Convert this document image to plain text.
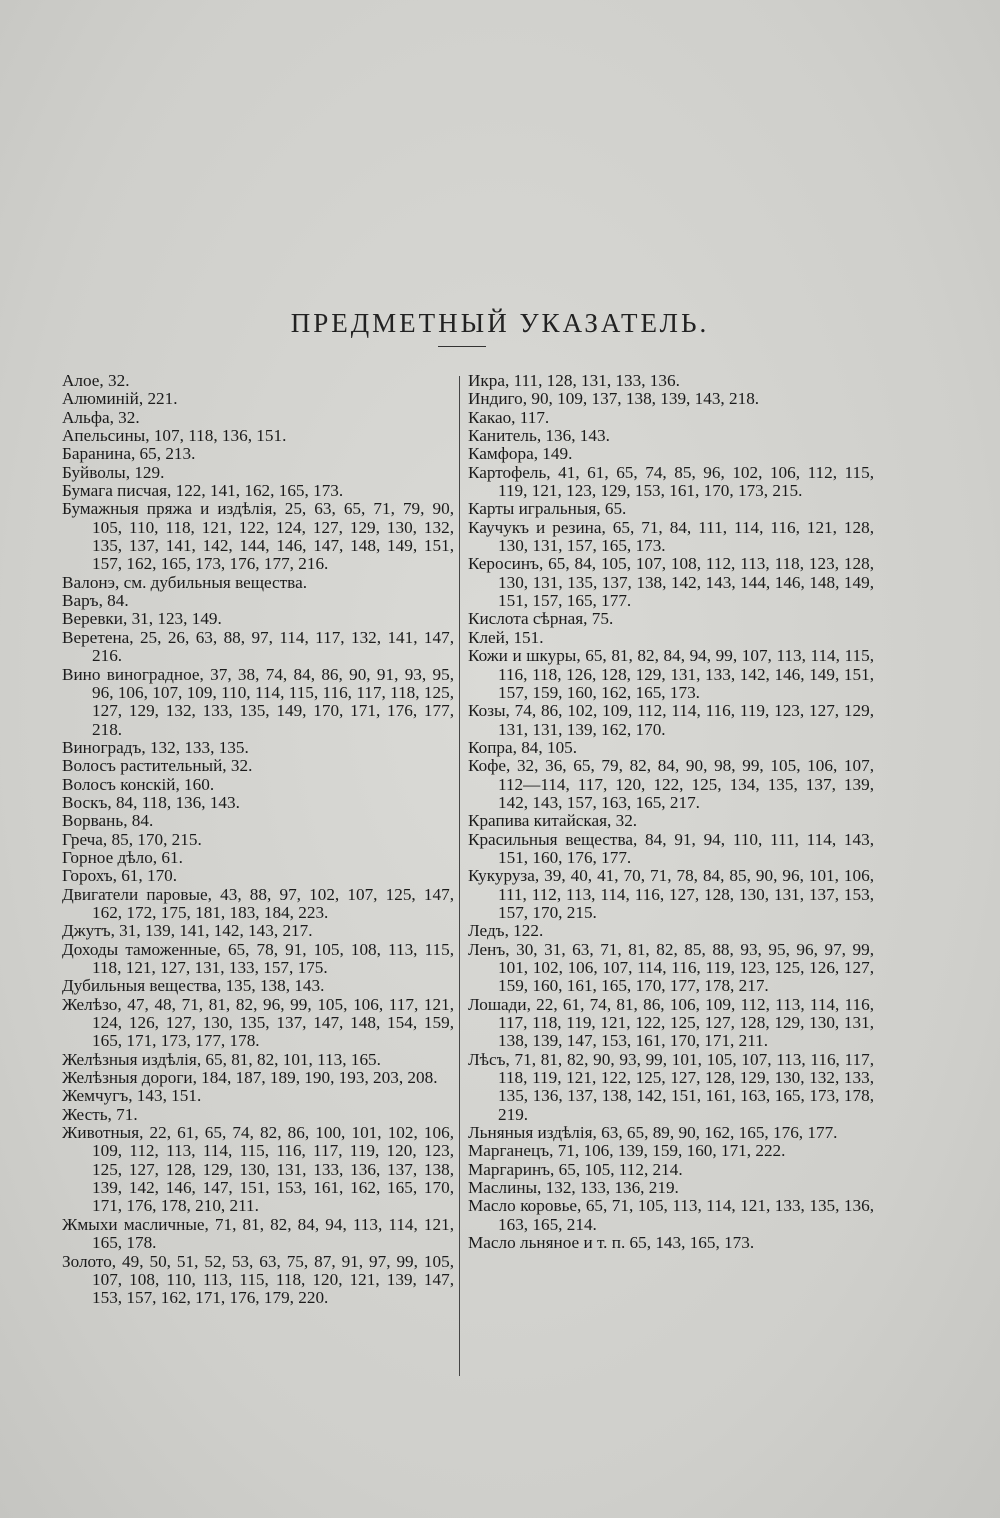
ПРЕДМЕТНЫЙ УКАЗАТЕЛЬ.

Алое, 32.

Алюминій, 221.

Альфа, 32.

Апельсины, 107, 118, 136, 151.

Баранина, 65, 213.

Буйволы, 129.

Бумага писчая, 122, 141, 162, 165, 173.

Бумажныя пряжа и издѣлія, 25, 63, 65, 71, 79, 90, 105, 110, 118, 121, 122, 124, 127, 129, 130, 132, 135, 137, 141, 142, 144, 146, 147, 148, 149, 151, 157, 162, 165, 173, 176, 177, 216.

Валонэ, см. дубильныя вещества.

Варъ, 84.

Веревки, 31, 123, 149.

Веретена, 25, 26, 63, 88, 97, 114, 117, 132, 141, 147, 216.

Вино виноградное, 37, 38, 74, 84, 86, 90, 91, 93, 95, 96, 106, 107, 109, 110, 114, 115, 116, 117, 118, 125, 127, 129, 132, 133, 135, 149, 170, 171, 176, 177, 218.

Виноградъ, 132, 133, 135.

Волосъ растительный, 32.

Волосъ конскій, 160.

Воскъ, 84, 118, 136, 143.

Ворвань, 84.

Греча, 85, 170, 215.

Горное дѣло, 61.

Горохъ, 61, 170.

Двигатели паровые, 43, 88, 97, 102, 107, 125, 147, 162, 172, 175, 181, 183, 184, 223.

Джутъ, 31, 139, 141, 142, 143, 217.

Доходы таможенные, 65, 78, 91, 105, 108, 113, 115, 118, 121, 127, 131, 133, 157, 175.

Дубильныя вещества, 135, 138, 143.

Желѣзо, 47, 48, 71, 81, 82, 96, 99, 105, 106, 117, 121, 124, 126, 127, 130, 135, 137, 147, 148, 154, 159, 165, 171, 173, 177, 178.

Желѣзныя издѣлія, 65, 81, 82, 101, 113, 165.

Желѣзныя дороги, 184, 187, 189, 190, 193, 203, 208.

Жемчугъ, 143, 151.

Жесть, 71.

Животныя, 22, 61, 65, 74, 82, 86, 100, 101, 102, 106, 109, 112, 113, 114, 115, 116, 117, 119, 120, 123, 125, 127, 128, 129, 130, 131, 133, 136, 137, 138, 139, 142, 146, 147, 151, 153, 161, 162, 165, 170, 171, 176, 178, 210, 211.

Жмыхи масличные, 71, 81, 82, 84, 94, 113, 114, 121, 165, 178.

Золото, 49, 50, 51, 52, 53, 63, 75, 87, 91, 97, 99, 105, 107, 108, 110, 113, 115, 118, 120, 121, 139, 147, 153, 157, 162, 171, 176, 179, 220.

Икра, 111, 128, 131, 133, 136.

Индиго, 90, 109, 137, 138, 139, 143, 218.

Какао, 117.

Канитель, 136, 143.

Камфора, 149.

Картофель, 41, 61, 65, 74, 85, 96, 102, 106, 112, 115, 119, 121, 123, 129, 153, 161, 170, 173, 215.

Карты игральныя, 65.

Каучукъ и резина, 65, 71, 84, 111, 114, 116, 121, 128, 130, 131, 157, 165, 173.

Керосинъ, 65, 84, 105, 107, 108, 112, 113, 118, 123, 128, 130, 131, 135, 137, 138, 142, 143, 144, 146, 148, 149, 151, 157, 165, 177.

Кислота сѣрная, 75.

Клей, 151.

Кожи и шкуры, 65, 81, 82, 84, 94, 99, 107, 113, 114, 115, 116, 118, 126, 128, 129, 131, 133, 142, 146, 149, 151, 157, 159, 160, 162, 165, 173.

Козы, 74, 86, 102, 109, 112, 114, 116, 119, 123, 127, 129, 131, 131, 139, 162, 170.

Копра, 84, 105.

Кофе, 32, 36, 65, 79, 82, 84, 90, 98, 99, 105, 106, 107, 112—114, 117, 120, 122, 125, 134, 135, 137, 139, 142, 143, 157, 163, 165, 217.

Крапива китайская, 32.

Красильныя вещества, 84, 91, 94, 110, 111, 114, 143, 151, 160, 176, 177.

Кукуруза, 39, 40, 41, 70, 71, 78, 84, 85, 90, 96, 101, 106, 111, 112, 113, 114, 116, 127, 128, 130, 131, 137, 153, 157, 170, 215.

Ледъ, 122.

Ленъ, 30, 31, 63, 71, 81, 82, 85, 88, 93, 95, 96, 97, 99, 101, 102, 106, 107, 114, 116, 119, 123, 125, 126, 127, 159, 160, 161, 165, 170, 177, 178, 217.

Лошади, 22, 61, 74, 81, 86, 106, 109, 112, 113, 114, 116, 117, 118, 119, 121, 122, 125, 127, 128, 129, 130, 131, 138, 139, 147, 153, 161, 170, 171, 211.

Лѣсъ, 71, 81, 82, 90, 93, 99, 101, 105, 107, 113, 116, 117, 118, 119, 121, 122, 125, 127, 128, 129, 130, 132, 133, 135, 136, 137, 138, 142, 151, 161, 163, 165, 173, 178, 219.

Льняныя издѣлія, 63, 65, 89, 90, 162, 165, 176, 177.

Марганецъ, 71, 106, 139, 159, 160, 171, 222.

Маргаринъ, 65, 105, 112, 214.

Маслины, 132, 133, 136, 219.

Масло коровье, 65, 71, 105, 113, 114, 121, 133, 135, 136, 163, 165, 214.

Масло льняное и т. п. 65, 143, 165, 173.
